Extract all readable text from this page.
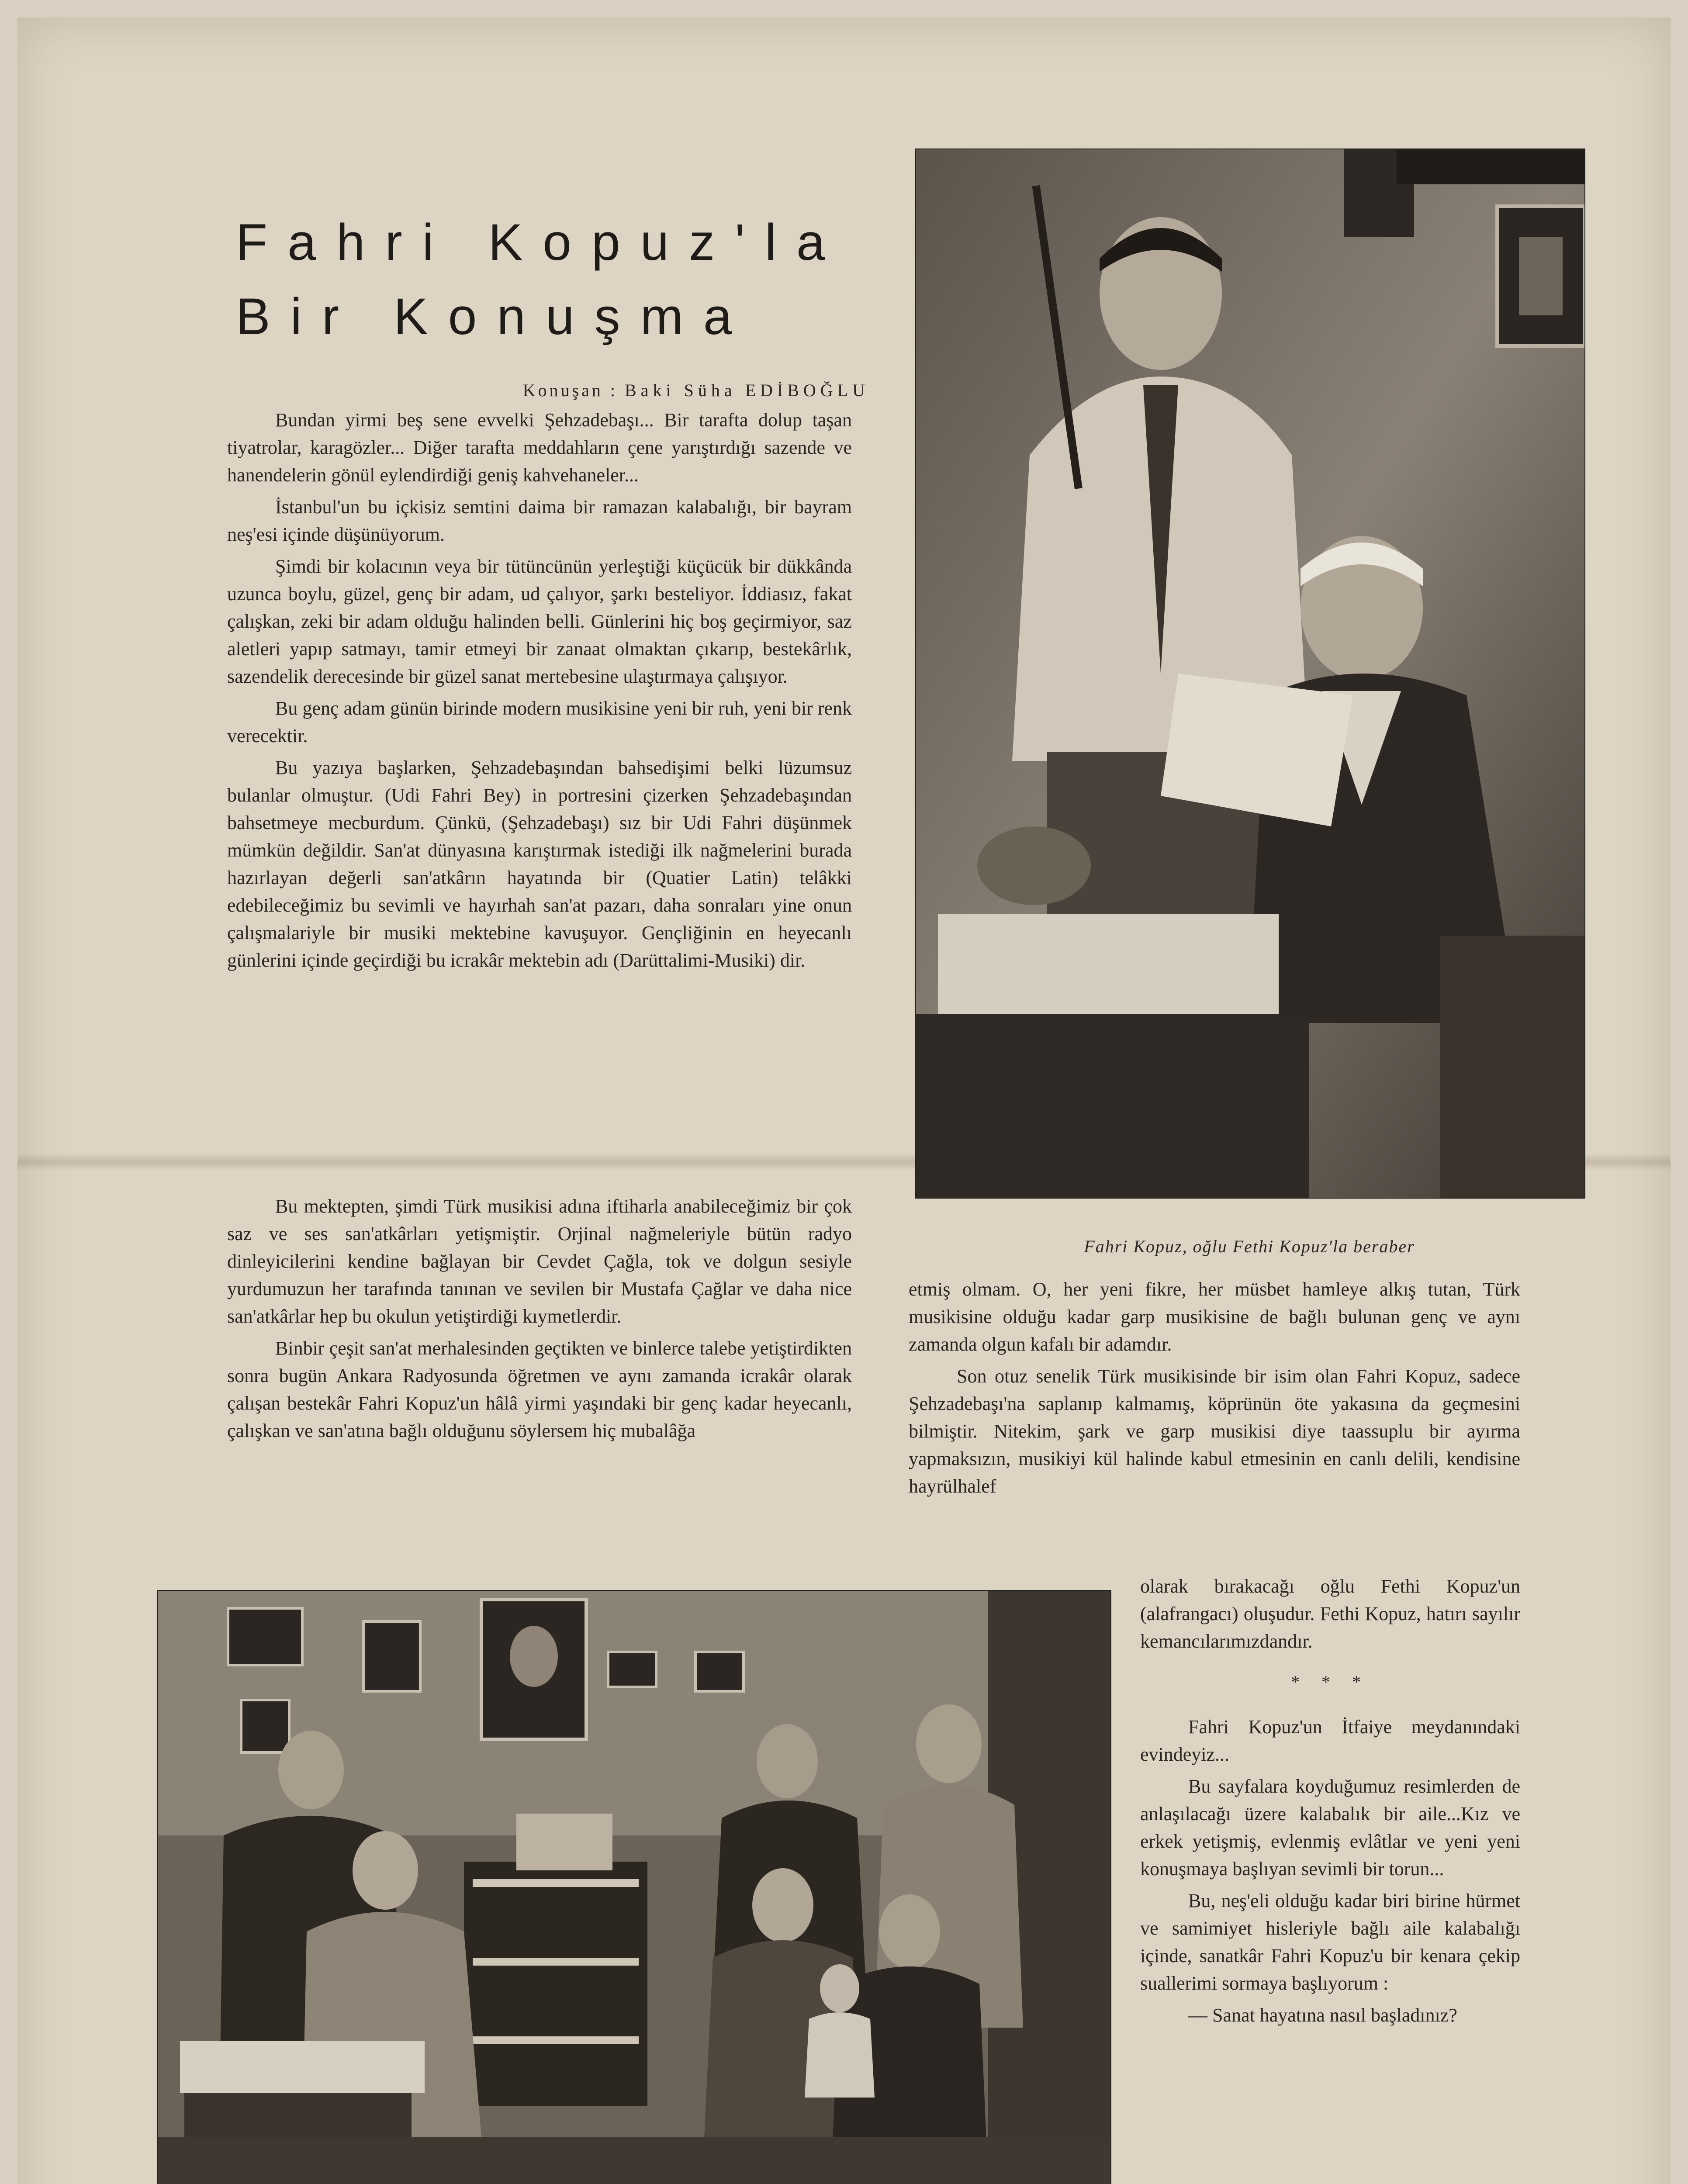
Fahri Kopuz'la
Bir Konuşma
Konuşan : Baki Süha EDİBOĞLU

Bundan yirmi beş sene evvelki Şehzadebaşı... Bir tarafta dolup taşan tiyatrolar, karagözler... Diğer tarafta meddahların çene yarıştırdığı sazende ve hanendelerin gönül eylendirdiği geniş kahvehaneler...

İstanbul'un bu içkisiz semtini daima bir ramazan kalabalığı, bir bayram neş'esi içinde düşünüyorum.

Şimdi bir kolacının veya bir tütüncünün yerleştiği küçücük bir dükkânda uzunca boylu, güzel, genç bir adam, ud çalıyor, şarkı besteliyor. İddiasız, fakat çalışkan, zeki bir adam olduğu halinden belli. Günlerini hiç boş geçirmiyor, saz aletleri yapıp satmayı, tamir etmeyi bir zanaat olmaktan çıkarıp, bestekârlık, sazendelik derecesinde bir güzel sanat mertebesine ulaştırmaya çalışıyor.

Bu genç adam günün birinde modern musikisine yeni bir ruh, yeni bir renk verecektir.

Bu yazıya başlarken, Şehzadebaşından bahsedişimi belki lüzumsuz bulanlar olmuştur. (Udi Fahri Bey) in portresini çizerken Şehzadebaşından bahsetmeye mecburdum. Çünkü, (Şehzadebaşı) sız bir Udi Fahri düşünmek mümkün değildir. San'at dünyasına karıştırmak istediği ilk nağmelerini burada hazırlayan değerli san'atkârın hayatında bir (Quatier Latin) telâkki edebileceğimiz bu sevimli ve hayırhah san'at pazarı, daha sonraları yine onun çalışmalariyle bir musiki mektebine kavuşuyor. Gençliğinin en heyecanlı günlerini içinde geçirdiği bu icrakâr mektebin adı (Darüttalimi-Musiki) dir.

Bu mektepten, şimdi Türk musikisi adına iftiharla anabileceğimiz bir çok saz ve ses san'atkârları yetişmiştir. Orjinal nağmeleriyle bütün radyo dinleyicilerini kendine bağlayan bir Cevdet Çağla, tok ve dolgun sesiyle yurdumuzun her tarafında tanınan ve sevilen bir Mustafa Çağlar ve daha nice san'atkârlar hep bu okulun yetiştirdiği kıymetlerdir.

Binbir çeşit san'at merhalesinden geçtikten ve binlerce talebe yetiştirdikten sonra bugün Ankara Radyosunda öğretmen ve aynı zamanda icrakâr olarak çalışan bestekâr Fahri Kopuz'un hâlâ yirmi yaşındaki bir genç kadar heyecanlı, çalışkan ve san'atına bağlı olduğunu söylersem hiç mubalâğa

Fahri Kopuz, oğlu Fethi Kopuz'la beraber

etmiş olmam. O, her yeni fikre, her müsbet hamleye alkış tutan, Türk musikisine olduğu kadar garp musikisine de bağlı bulunan genç ve aynı zamanda olgun kafalı bir adamdır.

Son otuz senelik Türk musikisinde bir isim olan Fahri Kopuz, sadece Şehzadebaşı'na saplanıp kalmamış, köprünün öte yakasına da geçmesini bilmiştir. Nitekim, şark ve garp musikisi diye taassuplu bir ayırma yapmaksızın, musikiyi kül halinde kabul etmesinin en canlı delili, kendisine hayrülhalef

olarak bırakacağı oğlu Fethi Kopuz'un (alafrangacı) oluşudur. Fethi Kopuz, hatırı sayılır kemancılarımızdandır.

* * *

Fahri Kopuz'un İtfaiye meydanındaki evindeyiz...

Bu sayfalara koyduğumuz resimlerden de anlaşılacağı üzere kalabalık bir aile...Kız ve erkek yetişmiş, evlenmiş evlâtlar ve yeni yeni konuşmaya başlıyan sevimli bir torun...

Bu, neş'eli olduğu kadar biri birine hürmet ve samimiyet hisleriyle bağlı aile kalabalığı içinde, sanatkâr Fahri Kopuz'u bir kenara çekip suallerimi sormaya başlıyorum :

— Sanat hayatına nasıl başladınız?
